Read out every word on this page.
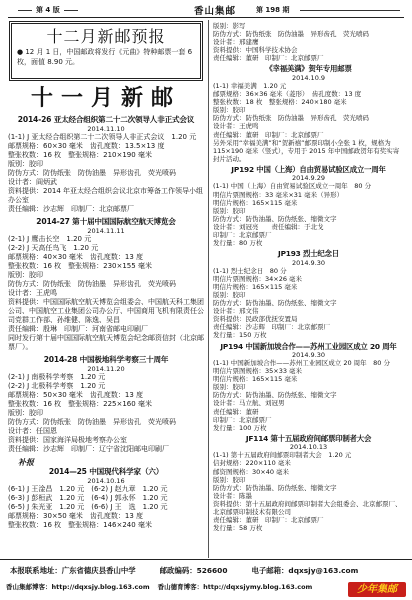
第 4 版	香山集邮	第 198 期
十二月新邮预报
● 12 月 1 日，中国邮政将发行《元曲》特种邮票一套 6 枚，面值 8.90 元。
十一月新邮
2014-26 亚太经合组织第二十二次领导人非正式会议
2014.11.10
(1-1) J 亚太经合组织第二十二次领导人非正式会议　1.20 元
邮票规格：60×30 毫米　齿孔度数：13.5×13 度
整张枚数：16 枚　整张规格：210×190 毫米
版别：胶印
防伪方式：防伪纸张　防伪油墨　异形齿孔　荧光喷码
设计者：阎炳武
资料提供：2014 年亚太经合组织会议北京市筹备工作领导小组办公室
责任编辑：沙志辉　印制厂：北京邮票厂
2014-27 第十届中国国际航空航天博览会
2014.11.11
(2-1) J 鹰击长空　1.20 元
(2-2) J 天高任鸟飞　1.20 元
邮票规格：40×30 毫米　齿孔度数：13 度
整张枚数：16 枚　整张规格：230×155 毫米
版别：胶印
防伪方式：防伪纸张　防伪油墨　异形齿孔　荧光喷码
设计者：王虎鸣
资料提供：中国国际航空航天博览会组委会、中国航天科工集团公司、中国航空工业集团公司办公厅、中国商用飞机有限责任公司党群工作部、孙维健、陈逸、吴昌
责任编辑：殷琳　印制厂：河南省邮电印刷厂
同时发行第十届中国国际航空航天博览会纪念邮资信封（北京邮票厂）。
2014-28 中国极地科学考察三十周年
2014.11.20
(2-1) J 南极科学考察　1.20 元
(2-2) J 北极科学考察　1.20 元
邮票规格：50×30 毫米　齿孔度数：13 度
整张枚数：16 枚　整张规格：225×160 毫米
版别：胶印
防伪方式：防伪纸张　防伪油墨　异形齿孔　荧光喷码
设计者：任国恩
资料提供：国家海洋局极地考察办公室
责任编辑：沙志辉　印制厂：辽宁省沈阳邮电印刷厂
补报
2014—25 中国现代科学家（六）
2014.10.16
(6-1) J 王淦昌　1.20 元　(6-2) J 赵九章　1.20 元
(6-3) J 彭桓武　1.20 元　(6-4) J 郭永怀　1.20 元
(6-5) J 朱光亚　1.20 元　(6-6) J 王　选　1.20 元
邮票规格：30×50 毫米　齿孔度数：13 度
整张枚数：16 枚　整张规格：146×240 毫米
版别：影写
防伪方式：防伪纸张　防伪油墨　异形齿孔　荧光喷码
设计者：邢建鹰
资料提供：中国科学技术协会
责任编辑：董研　印制厂：北京邮票厂
《幸福美满》贺年专用邮票
2014.10.9
(1-1) 幸福美满　1.20 元
邮票规格：36×36 毫米（菱形）　齿孔度数：13 度
整张枚数：18 枚　整张规格：240×180 毫米
版别：胶印
防伪方式：防伪纸张　防伪油墨　异形齿孔　荧光喷码
设计者：王虎鸣
责任编辑：董研　印制厂：北京邮票厂
另外采用“幸福美满”和“贺新禧”邮票印制小全张 1 枚，规格为 115×190 毫米（竖式），专用于 2015 年中国邮政贺年有奖实寄封片活动。
JP192 中国（上海）自由贸易试验区成立一周年
2014.9.29
(1-1) 中国（上海）自由贸易试验区成立一周年　80 分
明信片票图规格：33 毫米×31 毫米（异形）
明信片规格：165×115 毫米
版别：胶印
防伪方式：防伪油墨、防伪纸张、缩微文字
设计者：刘冠亮　　责任编辑：于北戈
印制厂：北京邮票厂
发行量：80 万枚
JP193 烈士纪念日
2014.9.30
(1-1) 烈士纪念日　80 分
明信片票图规格：34×26 毫米
明信片规格：165×115 毫米
版别：胶印
防伪方式：防伪油墨、防伪纸张、缩微文字
设计者：邢文伟
资料提供：民政部优抚安置局
责任编辑：沙志辉　印制厂：北京邮票厂
发行量：150 万枚
JP194 中国新加坡合作——苏州工业园区成立 20 周年
2014.9.30
(1-1) 中国新加坡合作——苏州工业园区成立 20 周年　80 分
明信片票图规格：35×33 毫米
明信片规格：165×115 毫米
版别：胶印
防伪方式：防伪油墨、防伪纸张、缩微文字
设计者：马立航、刘冠男
责任编辑：董研
印制厂：北京邮票厂
发行量：100 万枚
JF114 第十五届政府间邮票印制者大会
2014.10.13
(1-1) 第十五届政府间邮票印制者大会　1.20 元
信封规格：220×110 毫米
邮资图规格：30×40 毫米
版别：胶印
防伪方式：防伪油墨、防伪纸张、缩微文字
设计者：陈墨
资料提供：第十五届政府间邮票印制者大会组委会、北京邮票厂、北京邮票印制技术有限公司
责任编辑：董研　印制厂：北京邮票厂
发行量：58 万枚
本报联系地址：广东省德庆县香山中学	邮政编码：526600	电子邮箱：dqxsjy@163.com
香山集邮博客：http://dqxsjy.blog.163.com 香山德育博客：http://dqxsjymy.blog.163.com	少年集邮
